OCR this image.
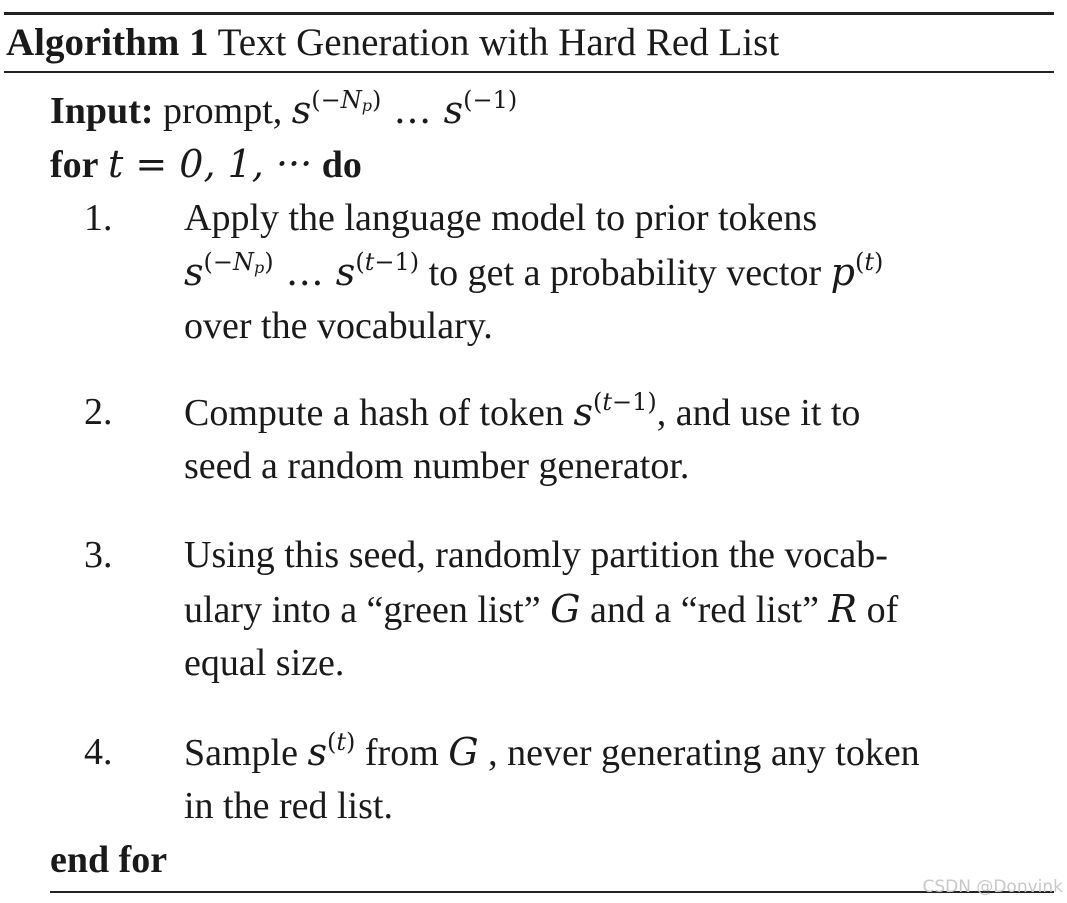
Algorithm 1 Text Generation with Hard Red List
Input: prompt, $s^{(-N_p)}$ … $s^{(-1)}$
for t = 0, 1, ··· do
1. Apply the language model to prior tokens
$s^{(-N_p)}$ … $s^{(t-1)}$ to get a probability vector $p^{(t)}$
over the vocabulary.
2. Compute a hash of token $s^{(t-1)}$, and use it to
seed a random number generator.
3. Using this seed, randomly partition the vocab-
ulary into a “green list” G and a “red list” R of
equal size.
4. Sample $s^{(t)}$ from G , never generating any token
in the red list.
end for
CSDN @Donvink
